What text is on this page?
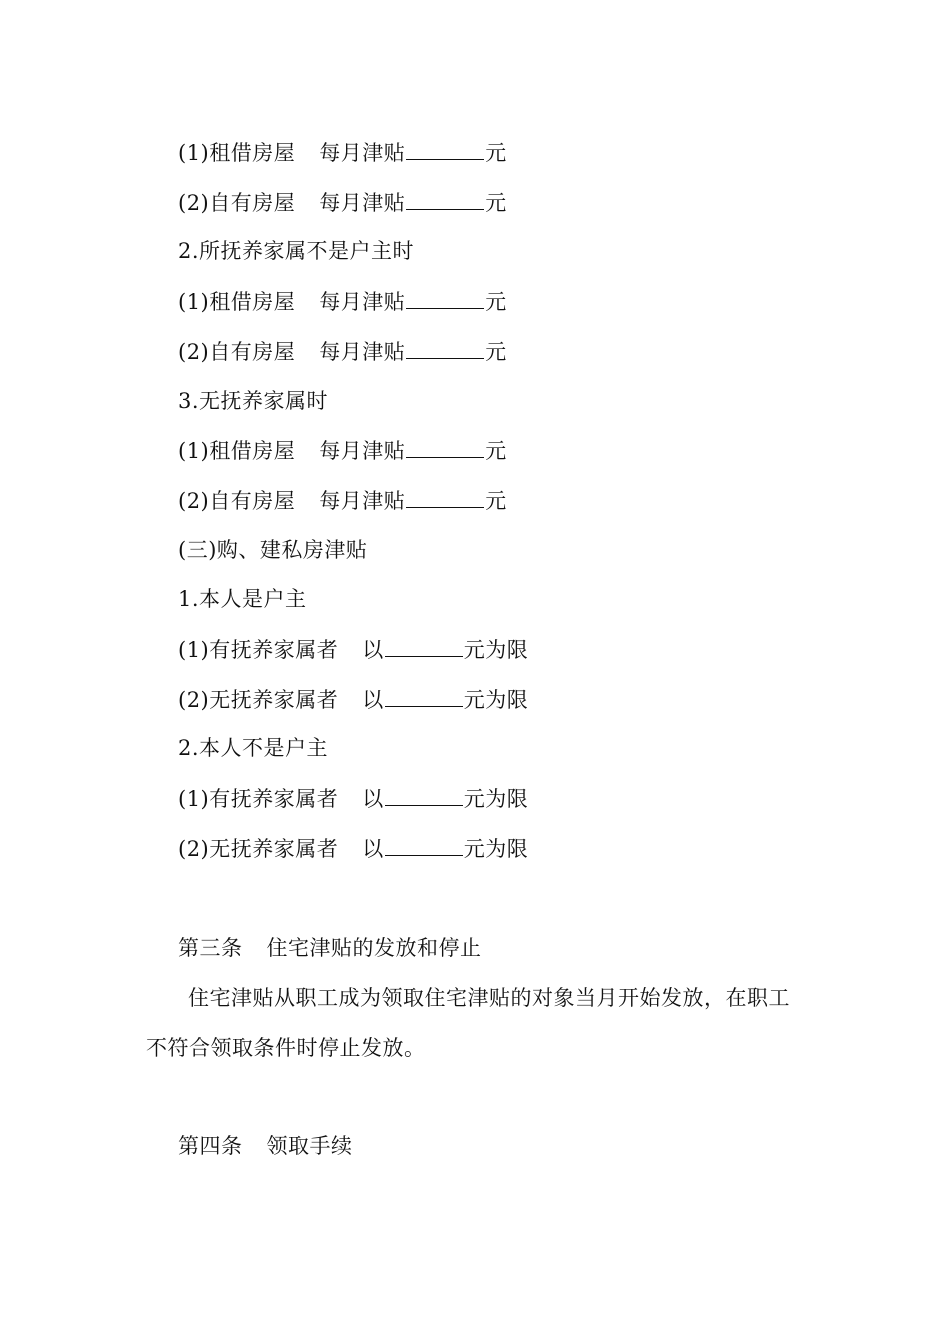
(1)租借房屋 每月津贴	元
(2)自有房屋 每月津贴	元
2.所抚养家属不是户主时
(1)租借房屋 每月津贴	元
(2)自有房屋 每月津贴	元
3.无抚养家属时
(1)租借房屋 每月津贴	元
(2)自有房屋 每月津贴	元
(三)购、建私房津贴
1.本人是户主
(1)有抚养家属者 以	元为限
(2)无抚养家属者 以	元为限
2.本人不是户主
(1)有抚养家属者 以	元为限
(2)无抚养家属者 以	元为限
第三条 住宅津贴的发放和停止
住宅津贴从职工成为领取住宅津贴的对象当月开始发放，在职工不符合领取条件时停止发放。
第四条 领取手续
